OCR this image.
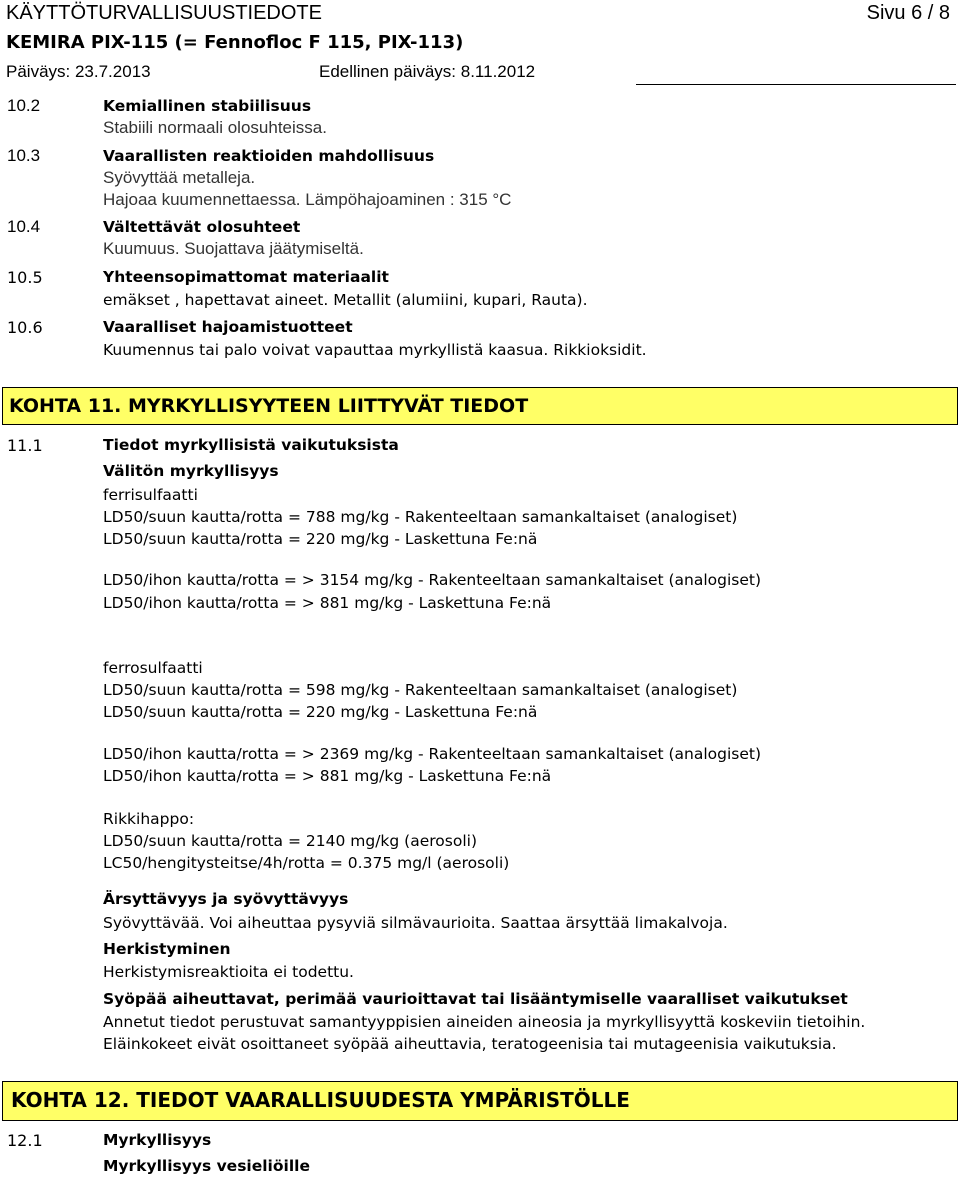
KÄYTTÖTURVALLISUUSTIEDOTE	Sivu 6 / 8
KEMIRA PIX-115 (= Fennofloc F 115, PIX-113)
Päiväys: 23.7.2013	Edellinen päiväys: 8.11.2012
10.2	Kemiallinen stabiilisuus
Stabiili normaali olosuhteissa.
10.3	Vaarallisten reaktioiden mahdollisuus
Syövyttää metalleja.
Hajoaa kuumennettaessa. Lämpöhajoaminen : 315 °C
10.4	Vältettävät olosuhteet
Kuumuus. Suojattava jäätymiseltä.
10.5	Yhteensopimattomat materiaalit
emäkset , hapettavat aineet. Metallit (alumiini, kupari, Rauta).
10.6	Vaaralliset hajoamistuotteet
Kuumennus tai palo voivat vapauttaa myrkyllistä kaasua. Rikkioksidit.
KOHTA 11. MYRKYLLISYYTEEN LIITTYVÄT TIEDOT
11.1	Tiedot myrkyllisistä vaikutuksista
Välitön myrkyllisyys
ferrisulfaatti
LD50/suun kautta/rotta = 788 mg/kg - Rakenteeltaan samankaltaiset (analogiset)
LD50/suun kautta/rotta = 220 mg/kg - Laskettuna Fe:nä
LD50/ihon kautta/rotta = > 3154 mg/kg - Rakenteeltaan samankaltaiset (analogiset)
LD50/ihon kautta/rotta = > 881 mg/kg - Laskettuna Fe:nä
ferrosulfaatti
LD50/suun kautta/rotta = 598 mg/kg - Rakenteeltaan samankaltaiset (analogiset)
LD50/suun kautta/rotta = 220 mg/kg - Laskettuna Fe:nä
LD50/ihon kautta/rotta = > 2369 mg/kg - Rakenteeltaan samankaltaiset (analogiset)
LD50/ihon kautta/rotta = > 881 mg/kg - Laskettuna Fe:nä
Rikkihappo:
LD50/suun kautta/rotta = 2140 mg/kg (aerosoli)
LC50/hengitysteitse/4h/rotta = 0.375 mg/l (aerosoli)
Ärsyttävyys ja syövyttävyys
Syövyttävää. Voi aiheuttaa pysyviä silmävaurioita. Saattaa ärsyttää limakalvoja.
Herkistyminen
Herkistymisreaktioita ei todettu.
Syöpää aiheuttavat, perimää vaurioittavat tai lisääntymiselle vaaralliset vaikutukset
Annetut tiedot perustuvat samantyyppisien aineiden aineosia ja myrkyllisyyttä koskeviin tietoihin.
Eläinkokeet eivät osoittaneet syöpää aiheuttavia, teratogeenisia tai mutageenisia vaikutuksia.
KOHTA 12. TIEDOT VAARALLISUUDESTA YMPÄRISTÖLLE
12.1	Myrkyllisyys
Myrkyllisyys vesieliöille
